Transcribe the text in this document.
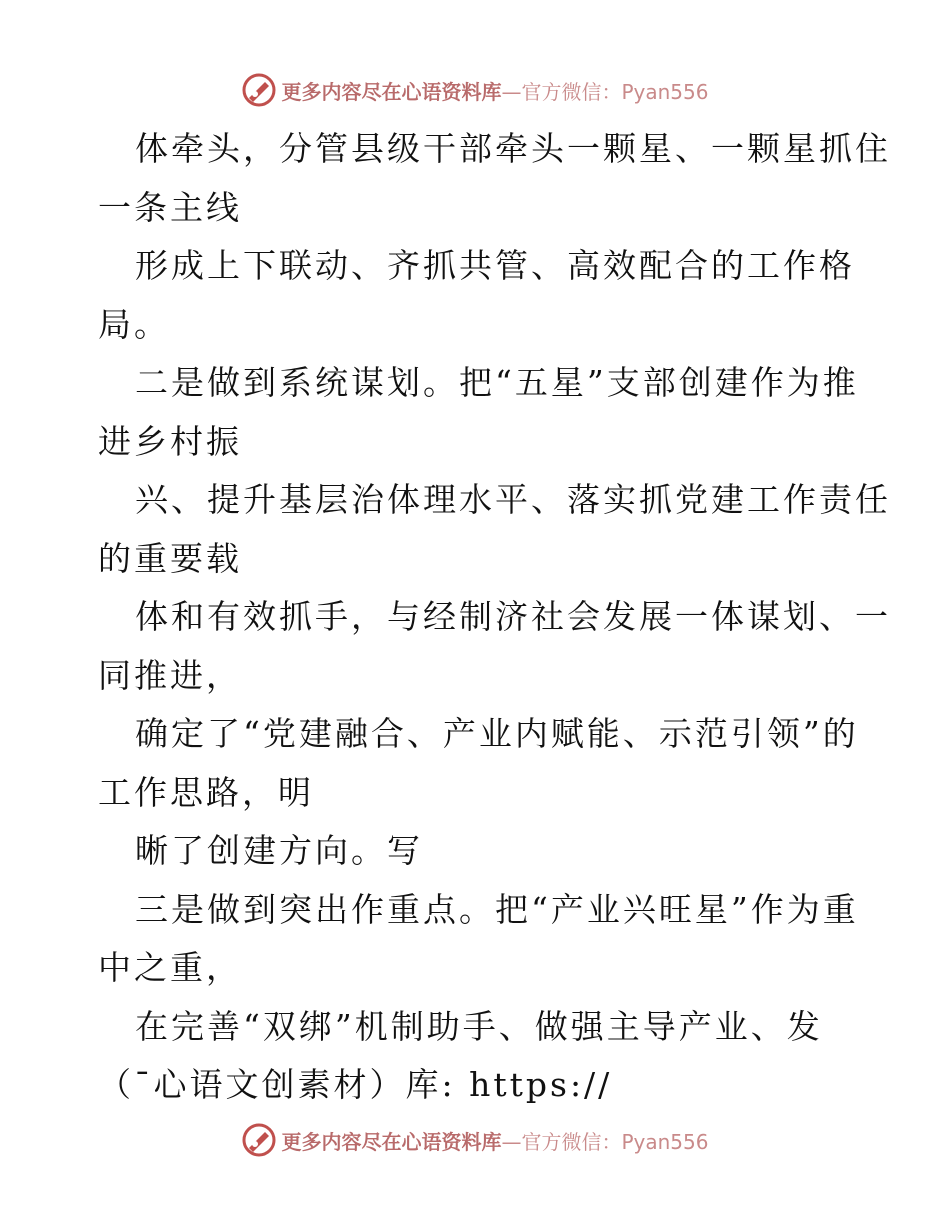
更多内容尽在心语资料库—官方微信：Pyan556
体牵头，分管县级干部牵头一颗星、一颗星抓住
一条主线
形成上下联动、齐抓共管、高效配合的工作格
局。
二是做到系统谋划。把“五星”支部创建作为推
进乡村振
兴、提升基层治体理水平、落实抓党建工作责任
的重要载
体和有效抓手，与经制济社会发展一体谋划、一
同推进，
确定了“党建融合、产业内赋能、示范引领”的
工作思路，明
晰了创建方向。写
三是做到突出作重点。把“产业兴旺星”作为重
中之重，
在完善“双绑”机制助手、做强主导产业、发
（¯心语文创素材）库: https://
更多内容尽在心语资料库—官方微信：Pyan556
